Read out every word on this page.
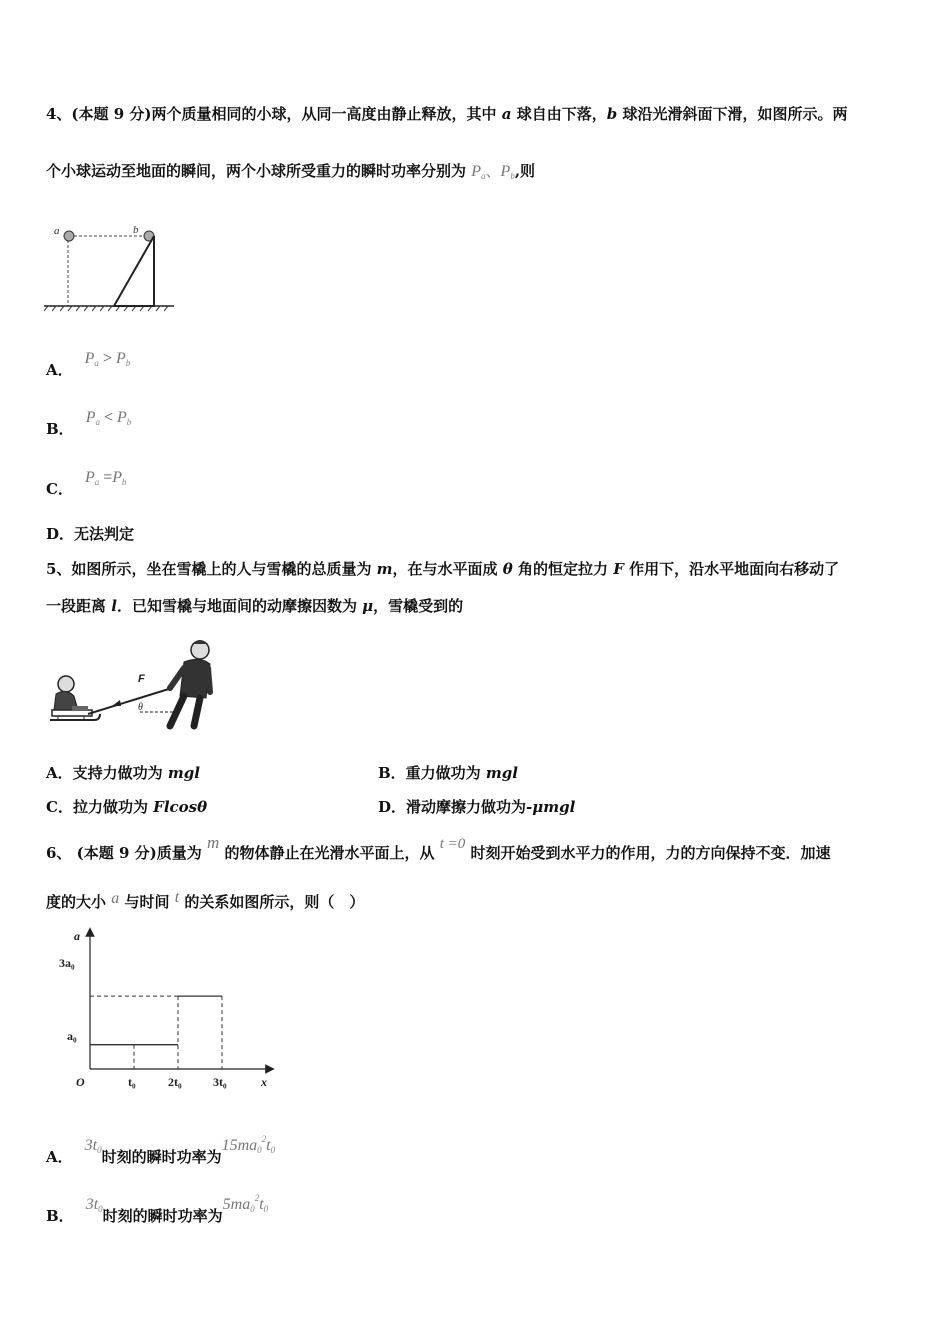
4、(本题 9 分)两个质量相同的小球，从同一高度由静止释放，其中 a 球自由下落，b 球沿光滑斜面下滑，如图所示。两
个小球运动至地面的瞬间，两个小球所受重力的瞬时功率分别为 $P_a$、$P_b$,则
a	b
A．$P_a > P_b$
B．$P_a < P_b$
C．$P_a =P_b$
D．无法判定
5、如图所示，坐在雪橇上的人与雪橇的总质量为 m，在与水平面成 θ 角的恒定拉力 F 作用下，沿水平地面向右移动了
一段距离 l．已知雪橇与地面间的动摩擦因数为 μ，雪橇受到的
F
θ
A．支持力做功为 mgl	B．重力做功为 mgl
C．拉力做功为 Flcosθ	D．滑动摩擦力做功为-μmgl
6、 (本题 9 分)质量为 m 的物体静止在光滑水平面上，从 t =0 时刻开始受到水平力的作用，力的方向保持不变．加速
度的大小 a 与时间 t 的关系如图所示，则（　）
a
x
O
3a₀
a₀
t₀	2t₀	3t₀
A．$3t_0$时刻的瞬时功率为$15ma_0^2t_0$
B．$3t_0$时刻的瞬时功率为$5ma_0^2t_0$
